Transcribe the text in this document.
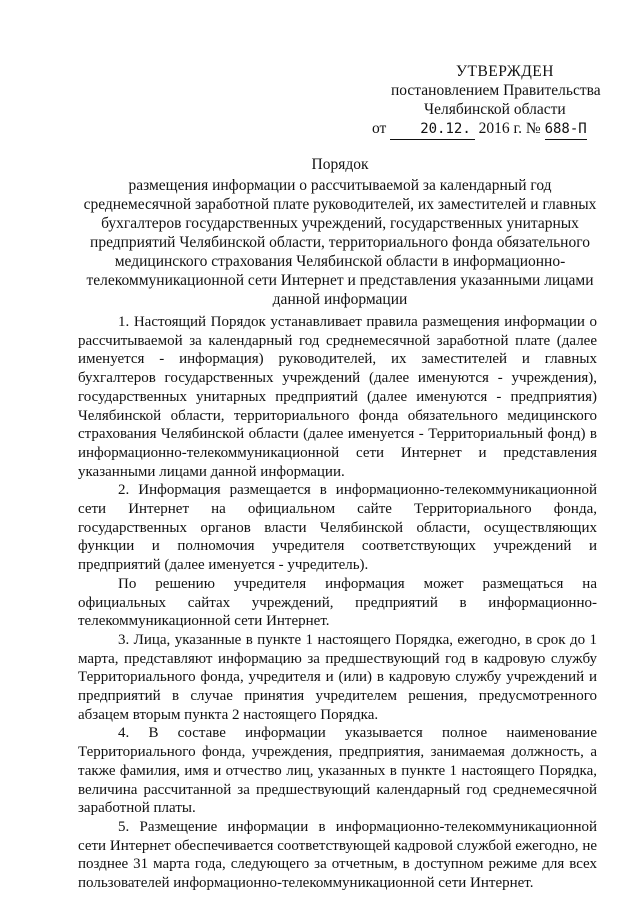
УТВЕРЖДЕН
постановлением Правительства
Челябинской области
от 20.12. 2016 г. № 688-П
Порядок
размещения информации о рассчитываемой за календарный год
среднемесячной заработной плате руководителей, их заместителей и главных
бухгалтеров государственных учреждений, государственных унитарных
предприятий Челябинской области, территориального фонда обязательного
медицинского страхования Челябинской области в информационно-
телекоммуникационной сети Интернет и представления указанными лицами
данной информации

1. Настоящий Порядок устанавливает правила размещения информации о рассчитываемой за календарный год среднемесячной заработной плате (далее именуется - информация) руководителей, их заместителей и главных бухгалтеров государственных учреждений (далее именуются - учреждения), государственных унитарных предприятий (далее именуются - предприятия) Челябинской области, территориального фонда обязательного медицинского страхования Челябинской области (далее именуется - Территориальный фонд) в информационно-телекоммуникационной сети Интернет и представления указанными лицами данной информации.

2. Информация размещается в информационно-телекоммуникационной сети Интернет на официальном сайте Территориального фонда, государственных органов власти Челябинской области, осуществляющих функции и полномочия учредителя соответствующих учреждений и предприятий (далее именуется - учредитель).

По решению учредителя информация может размещаться на официальных сайтах учреждений, предприятий в информационно-телекоммуникационной сети Интернет.

3. Лица, указанные в пункте 1 настоящего Порядка, ежегодно, в срок до 1 марта, представляют информацию за предшествующий год в кадровую службу Территориального фонда, учредителя и (или) в кадровую службу учреждений и предприятий в случае принятия учредителем решения, предусмотренного абзацем вторым пункта 2 настоящего Порядка.

4. В составе информации указывается полное наименование Территориального фонда, учреждения, предприятия, занимаемая должность, а также фамилия, имя и отчество лиц, указанных в пункте 1 настоящего Порядка, величина рассчитанной за предшествующий календарный год среднемесячной заработной платы.

5. Размещение информации в информационно-телекоммуникационной сети Интернет обеспечивается соответствующей кадровой службой ежегодно, не позднее 31 марта года, следующего за отчетным, в доступном режиме для всех пользователей информационно-телекоммуникационной сети Интернет.
